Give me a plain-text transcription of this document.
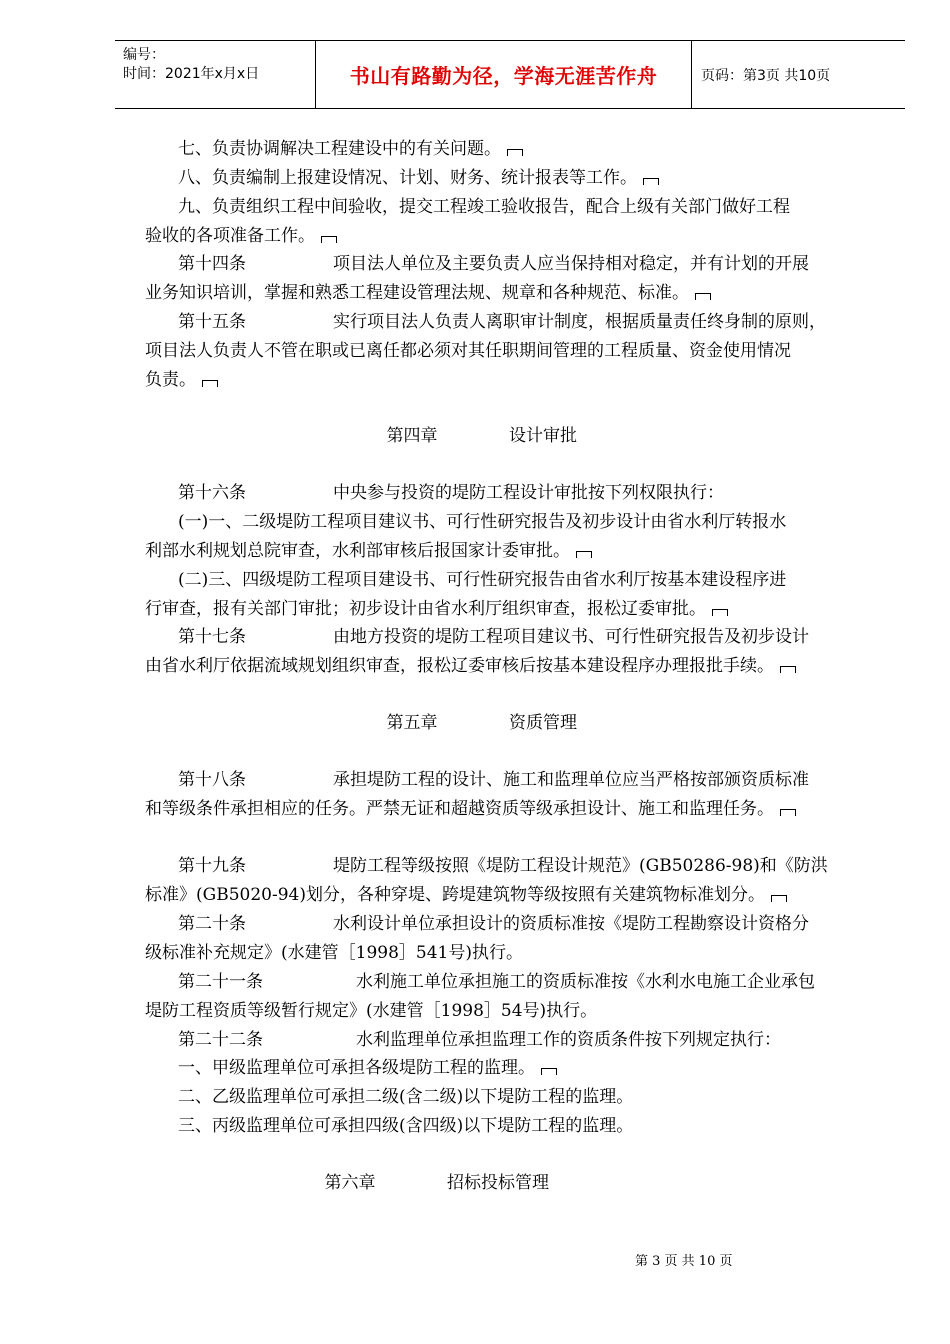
编号：
时间：2021年x月x日	书山有路勤为径，学海无涯苦作舟	页码：第3页 共10页
七、负责协调解决工程建设中的有关问题。
八、负责编制上报建设情况、计划、财务、统计报表等工作。
九、负责组织工程中间验收，提交工程竣工验收报告，配合上级有关部门做好工程
验收的各项准备工作。
第十四条	项目法人单位及主要负责人应当保持相对稳定，并有计划的开展
业务知识培训，掌握和熟悉工程建设管理法规、规章和各种规范、标准。
第十五条	实行项目法人负责人离职审计制度，根据质量责任终身制的原则，
项目法人负责人不管在职或已离任都必须对其任职期间管理的工程质量、资金使用情况
负责。
第四章	设计审批
第十六条	中央参与投资的堤防工程设计审批按下列权限执行：
(一)一、二级堤防工程项目建议书、可行性研究报告及初步设计由省水利厅转报水
利部水利规划总院审查，水利部审核后报国家计委审批。
(二)三、四级堤防工程项目建设书、可行性研究报告由省水利厅按基本建设程序进
行审查，报有关部门审批；初步设计由省水利厅组织审查，报松辽委审批。
第十七条	由地方投资的堤防工程项目建议书、可行性研究报告及初步设计
由省水利厅依据流域规划组织审查，报松辽委审核后按基本建设程序办理报批手续。
第五章	资质管理
第十八条	承担堤防工程的设计、施工和监理单位应当严格按部颁资质标准
和等级条件承担相应的任务。严禁无证和超越资质等级承担设计、施工和监理任务。
第十九条	堤防工程等级按照《堤防工程设计规范》(GB50286-98)和《防洪
标准》(GB5020-94)划分，各种穿堤、跨堤建筑物等级按照有关建筑物标准划分。
第二十条	水利设计单位承担设计的资质标准按《堤防工程勘察设计资格分
级标准补充规定》(水建管［1998］541号)执行。
第二十一条	水利施工单位承担施工的资质标准按《水利水电施工企业承包
堤防工程资质等级暂行规定》(水建管［1998］54号)执行。
第二十二条	水利监理单位承担监理工作的资质条件按下列规定执行：
一、甲级监理单位可承担各级堤防工程的监理。
二、乙级监理单位可承担二级(含二级)以下堤防工程的监理。
三、丙级监理单位可承担四级(含四级)以下堤防工程的监理。
第六章	招标投标管理
第 3 页 共 10 页
